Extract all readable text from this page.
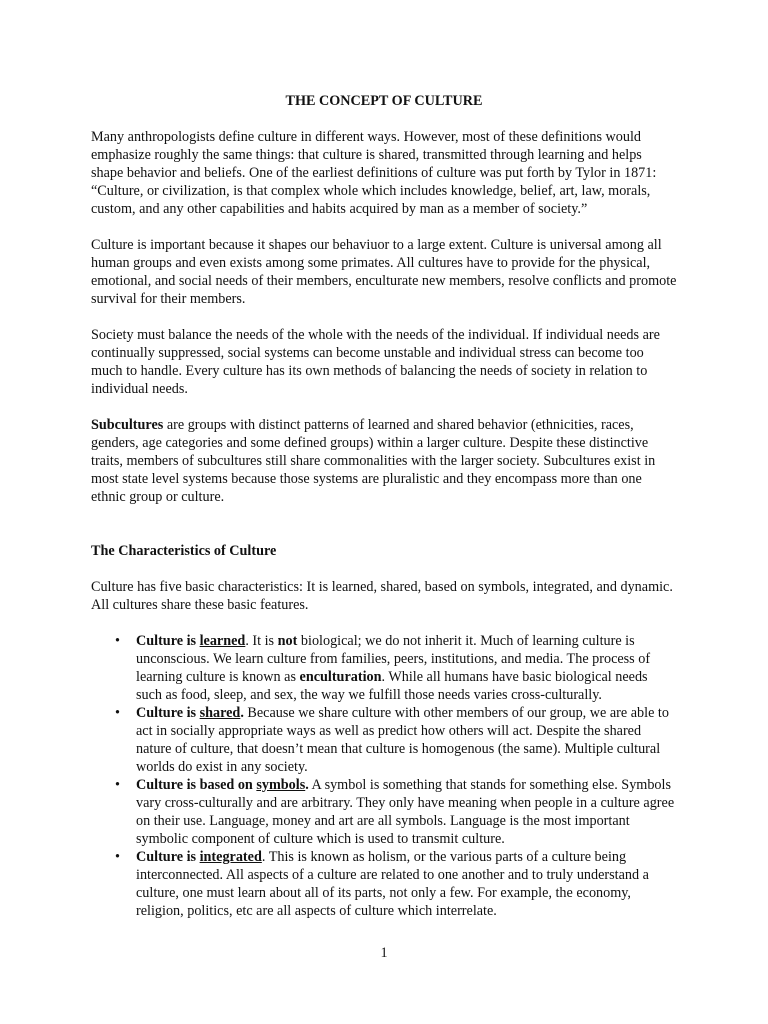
THE CONCEPT OF CULTURE

Many anthropologists define culture in different ways. However, most of these definitions would emphasize roughly the same things: that culture is shared, transmitted through learning and helps shape behavior and beliefs. One of the earliest definitions of culture was put forth by Tylor in 1871: “Culture, or civilization, is that complex whole which includes knowledge, belief, art, law, morals, custom, and any other capabilities and habits acquired by man as a member of society.”

Culture is important because it shapes our behaviuor to a large extent. Culture is universal among all human groups and even exists among some primates. All cultures have to provide for the physical, emotional, and social needs of their members, enculturate new members, resolve conflicts and promote survival for their members.

Society must balance the needs of the whole with the needs of the individual. If individual needs are continually suppressed, social systems can become unstable and individual stress can become too much to handle. Every culture has its own methods of balancing the needs of society in relation to individual needs.

Subcultures are groups with distinct patterns of learned and shared behavior (ethnicities, races, genders, age categories and some defined groups) within a larger culture. Despite these distinctive traits, members of subcultures still share commonalities with the larger society. Subcultures exist in most state level systems because those systems are pluralistic and they encompass more than one ethnic group or culture.

The Characteristics of Culture

Culture has five basic characteristics: It is learned, shared, based on symbols, integrated, and dynamic. All cultures share these basic features.

• Culture is learned. It is not biological; we do not inherit it. Much of learning culture is unconscious. We learn culture from families, peers, institutions, and media. The process of learning culture is known as enculturation. While all humans have basic biological needs such as food, sleep, and sex, the way we fulfill those needs varies cross-culturally.
• Culture is shared. Because we share culture with other members of our group, we are able to act in socially appropriate ways as well as predict how others will act. Despite the shared nature of culture, that doesn’t mean that culture is homogenous (the same). Multiple cultural worlds do exist in any society.
• Culture is based on symbols. A symbol is something that stands for something else. Symbols vary cross-culturally and are arbitrary. They only have meaning when people in a culture agree on their use. Language, money and art are all symbols. Language is the most important symbolic component of culture which is used to transmit culture.
• Culture is integrated. This is known as holism, or the various parts of a culture being interconnected. All aspects of a culture are related to one another and to truly understand a culture, one must learn about all of its parts, not only a few. For example, the economy, religion, politics, etc are all aspects of culture which interrelate.
1
